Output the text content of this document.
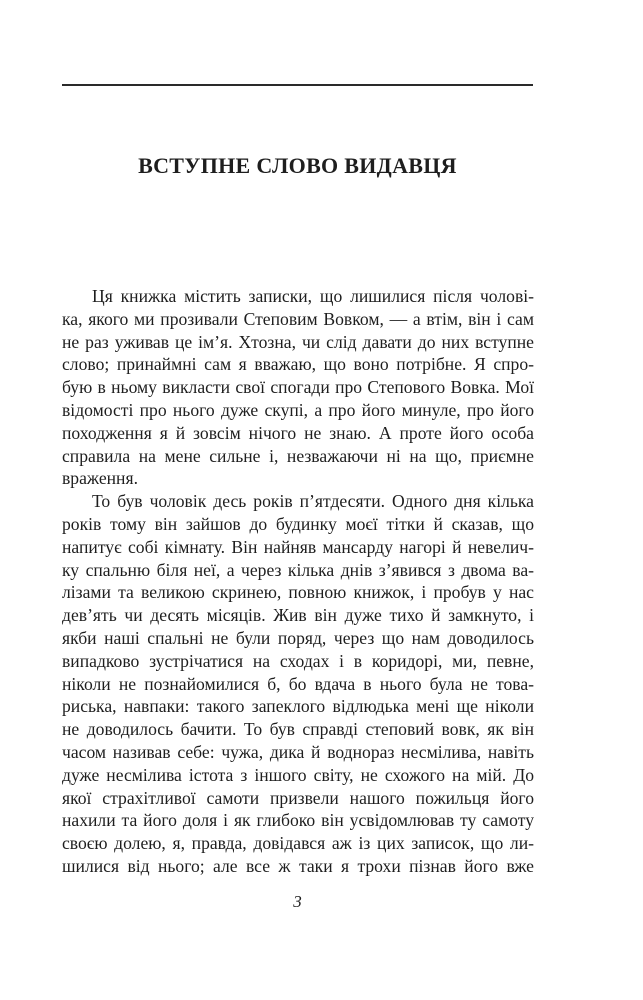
ВСТУПНЕ СЛОВО ВИДАВЦЯ
Ця книжка містить записки, що лишилися після чолові-
ка, якого ми прозивали Степовим Вовком, — а втім, він і сам
не раз уживав це ім’я. Хтозна, чи слід давати до них вступне
слово; принаймні сам я вважаю, що воно потрібне. Я спро-
бую в ньому викласти свої спогади про Степового Вовка. Мої
відомості про нього дуже скупі, а про його минуле, про його
походження я й зовсім нічого не знаю. А проте його особа
справила на мене сильне і, незважаючи ні на що, приємне
враження.
То був чоловік десь років п’ятдесяти. Одного дня кілька
років тому він зайшов до будинку моєї тітки й сказав, що
напитує собі кімнату. Він найняв мансарду нагорі й невелич-
ку спальню біля неї, а через кілька днів з’явився з двома ва-
лізами та великою скринею, повною книжок, і пробув у нас
дев’ять чи десять місяців. Жив він дуже тихо й замкнуто, і
якби наші спальні не були поряд, через що нам доводилось
випадково зустрічатися на сходах і в коридорі, ми, певне,
ніколи не познайомилися б, бо вдача в нього була не това-
риська, навпаки: такого запеклого відлюдька мені ще ніколи
не доводилось бачити. То був справді степовий вовк, як він
часом називав себе: чужа, дика й воднораз несмілива, навіть
дуже несмілива істота з іншого світу, не схожого на мій. До
якої страхітливої самоти призвели нашого пожильця його
нахили та його доля і як глибоко він усвідомлював ту самоту
своєю долею, я, правда, довідався аж із цих записок, що ли-
шилися від нього; але все ж таки я трохи пізнав його вже
3
